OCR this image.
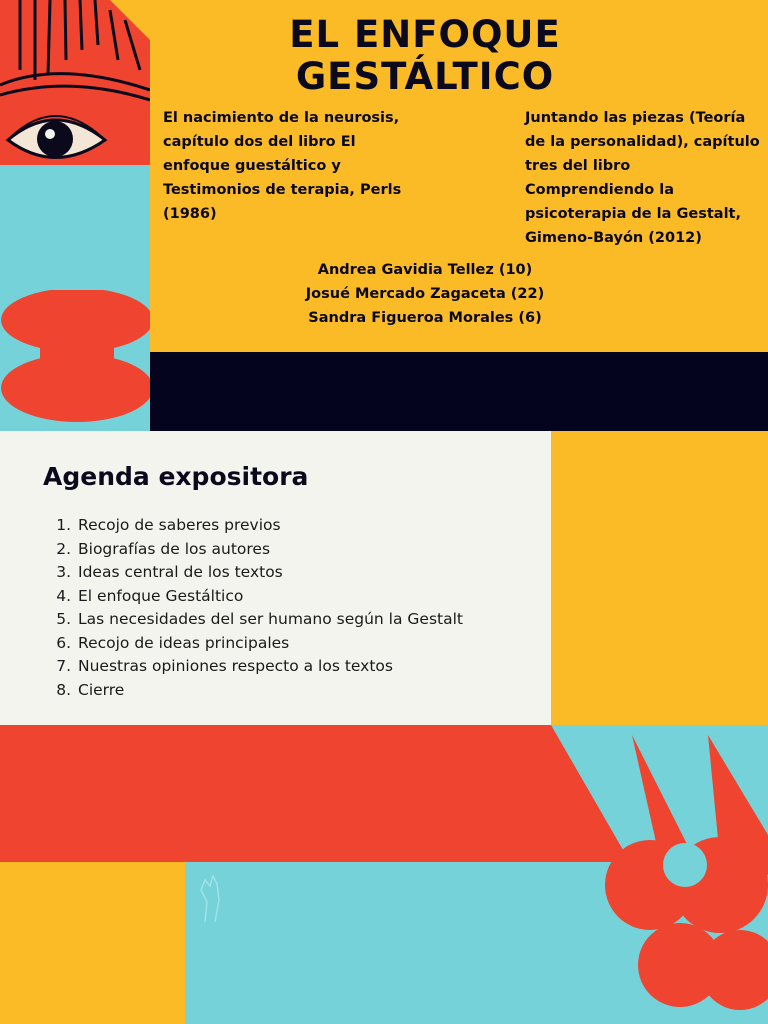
EL ENFOQUE
GESTÁLTICO
El nacimiento de la neurosis, capítulo dos del libro El enfoque guestáltico y Testimonios de terapia, Perls (1986)
Juntando las piezas (Teoría de la personalidad), capítulo tres del libro Comprendiendo la psicoterapia de la Gestalt, Gimeno-Bayón (2012)
Andrea Gavidia Tellez (10)
Josué Mercado Zagaceta (22)
Sandra Figueroa Morales (6)
Agenda expositora
1. Recojo de saberes previos
2. Biografías de los autores
3. Ideas central de los textos
4. El enfoque Gestáltico
5. Las necesidades del ser humano según la Gestalt
6. Recojo de ideas principales
7. Nuestras opiniones respecto a los textos
8. Cierre
